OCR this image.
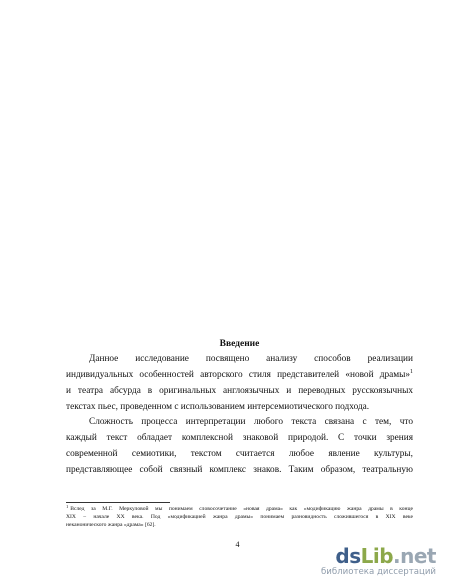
Введение

Данное исследование посвящено анализу способов реализации
индивидуальных особенностей авторского стиля представителей «новой драмы»$^1$
и театра абсурда в оригинальных англоязычных и переводных русскоязычных
текстах пьес, проведенном с использованием интерсемиотического подхода.

Сложность процесса интерпретации любого текста связана с тем, что
каждый текст обладает комплексной знаковой природой. С точки зрения
современной семиотики, текстом считается любое явление культуры,
представляющее собой связный комплекс знаков. Таким образом, театральную

$^1$ Вслед за М.Г. Меркуловой мы понимаем словосочетание «новая драма» как «модификацию жанра драмы в конце
XIX – начале XX века. Под «модификацией жанра драмы» понимаем разновидность сложившегося в XIX веке
неканонического жанра «драма» [62].

4	dsLib.net
библиотека диссертаций
